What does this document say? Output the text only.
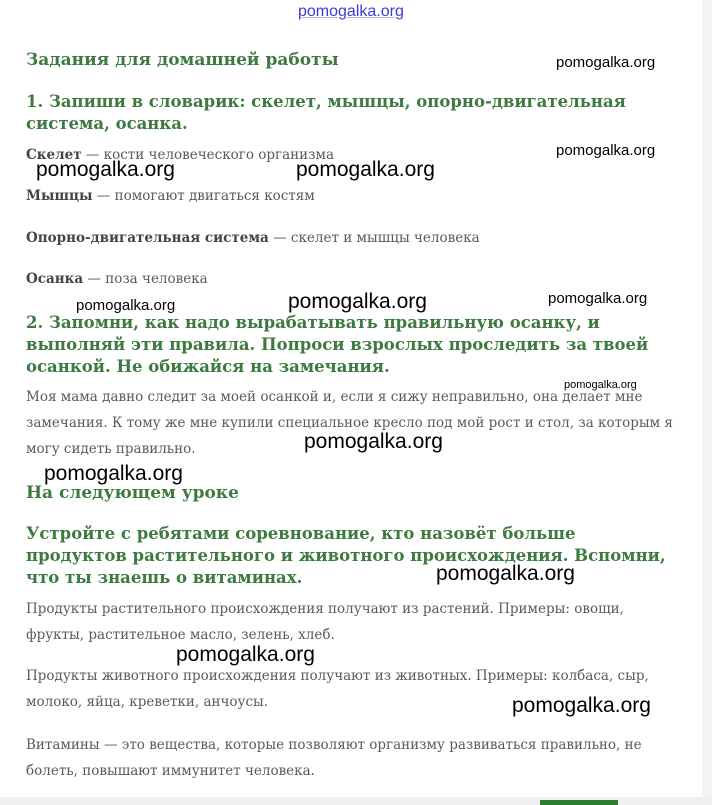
pomogalka.org
Задания для домашней работы
1. Запиши в словарик: скелет, мышцы, опорно-двигательная система, осанка.

Скелет — кости человеческого организма

Мышцы — помогают двигаться костям

Опорно-двигательная система — скелет и мышцы человека

Осанка — поза человека

2. Запомни, как надо вырабатывать правильную осанку, и выполняй эти правила. Попроси взрослых проследить за твоей осанкой. Не обижайся на замечания.

Моя мама давно следит за моей осанкой и, если я сижу неправильно, она делает мне замечания. К тому же мне купили специальное кресло под мой рост и стол, за которым я могу сидеть правильно.

На следующем уроке
Устройте с ребятами соревнование, кто назовёт больше продуктов растительного и животного происхождения. Вспомни, что ты знаешь о витаминах.

Продукты растительного происхождения получают из растений. Примеры: овощи, фрукты, растительное масло, зелень, хлеб.

Продукты животного происхождения получают из животных. Примеры: колбаса, сыр, молоко, яйца, креветки, анчоусы.

Витамины — это вещества, которые позволяют организму развиваться правильно, не болеть, повышают иммунитет человека.

pomogalka.org
pomogalka.org
pomogalka.org	pomogalka.org
pomogalka.org	pomogalka.org	pomogalka.org
pomogalka.org
pomogalka.org
pomogalka.org
pomogalka.org
pomogalka.org
pomogalka.org
